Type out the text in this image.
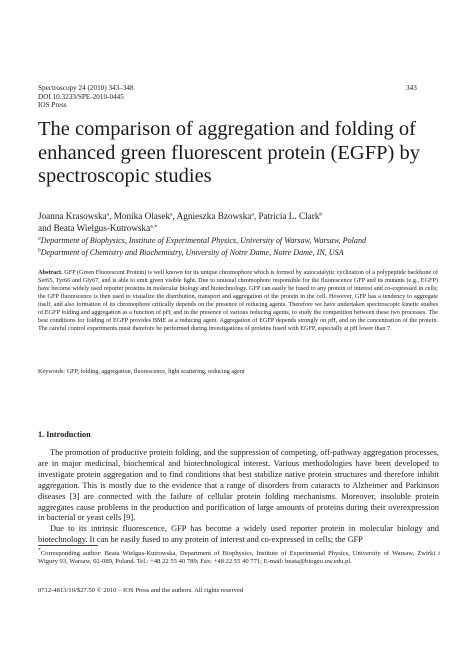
Spectroscopy 24 (2010) 343–348
DOI 10.3233/SPE-2010-0445
IOS Press
343
The comparison of aggregation and folding of enhanced green fluorescent protein (EGFP) by spectroscopic studies
Joanna Krasowska$^a$, Monika Olasek$^a$, Agnieszka Bzowska$^a$, Patricia L. Clark$^b$
and Beata Wielgus-Kutrowska$^{a,∗}$
$^a$Department of Biophysics, Institute of Experimental Physics, University of Warsaw, Warsaw, Poland
$^b$Department of Chemistry and Biochemistry, University of Notre Dame, Notre Dame, IN, USA
Abstract. GFP (Green Fluorescent Protein) is well known for its unique chromophore which is formed by autocatalytic cyclization of a polypeptide backbone of Ser65, Tyr66 and Gly67, and is able to emit green visible light. Due to unusual chromophore responsible for the fluorescence GFP and its mutants (e.g., EGFP) have become widely used reporter proteins in molecular biology and biotechnology. GFP can easily be fused to any protein of interest and co-expressed in cells; the GFP fluorescence is then used to visualize the distribution, transport and aggregation of the protein in the cell. However, GFP has a tendency to aggregate itself, and also formation of its chromophore critically depends on the presence of reducing agents. Therefore we have undertaken spectroscopic kinetic studies of EGFP folding and aggregation as a function of pH, and in the presence of various reducing agents, to study the competition between these two processes. The best conditions for folding of EGFP provides BME as a reducing agent. Aggregation of EGFP depends strongly on pH, and on the concentration of the protein. The careful control experiments must therefore be performed during investigations of proteins fused with EGFP, especially at pH lower than 7.
Keywords: GFP, folding, aggregation, fluorescence, light scattering, reducing agent
1. Introduction

The promotion of productive protein folding, and the suppression of competing, off-pathway aggregation processes, are in major medicinal, biochemical and biotechnological interest. Various methodologies have been developed to investigate protein aggregation and to find conditions that best stabilize native protein structures and therefore inhibit aggregation. This is mostly due to the evidence that a range of disorders from cataracts to Alzheimer and Parkinson diseases [3] are connected with the failure of cellular protein folding mechanisms. Moreover, insoluble protein aggregates cause problems in the production and purification of large amounts of proteins during their overexpression in bacterial or yeast cells [9].

Due to its intrinsic fluorescence, GFP has become a widely used reporter protein in molecular biology and biotechnology. It can be easily fused to any protein of interest and co-expressed in cells; the GFP

*Corresponding author: Beata Wielgus-Kutrowska, Department of Biophysics, Institute of Experimental Physics, University of Warsaw, Żwirki i Wigury 93, Warsaw, 02-089, Poland. Tel.: +48 22 55 40 789; Fax: +48 22 55 40 771; E-mail: beata@biogeo.uw.edu.pl.
0712-4813/10/$27.50 © 2010 – IOS Press and the authors. All rights reserved
